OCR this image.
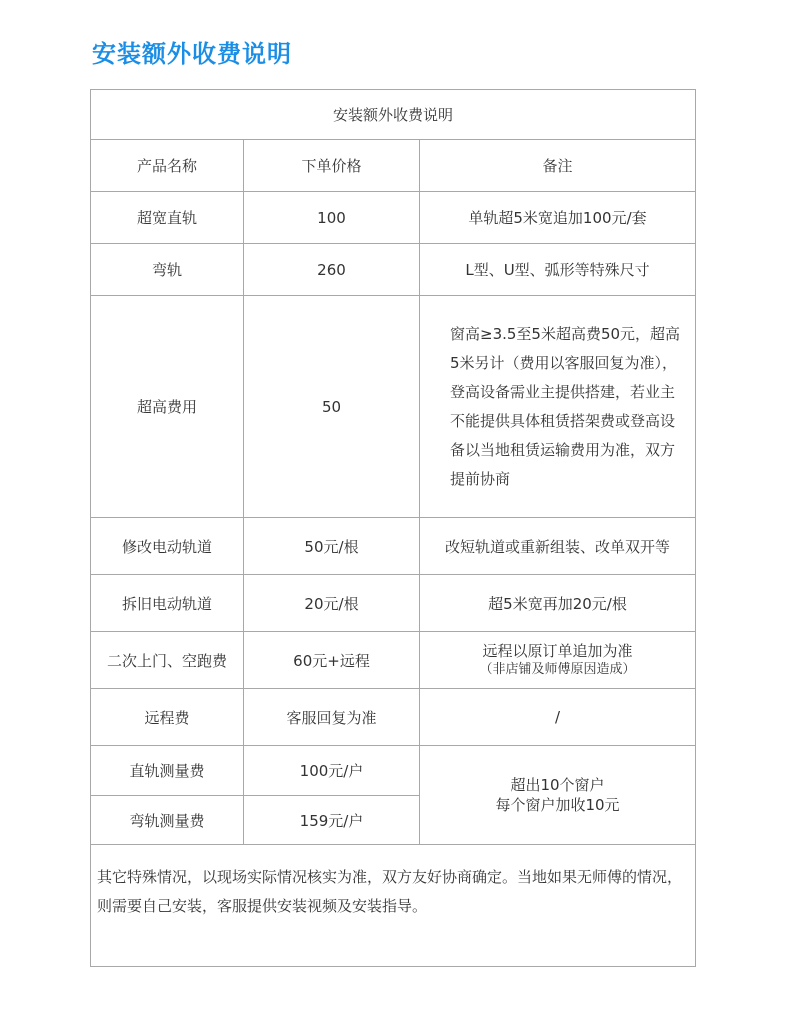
安装额外收费说明
安装额外收费说明		
产品名称	下单价格	备注
超宽直轨	100	单轨超5米宽追加100元/套
弯轨	260	L型、U型、弧形等特殊尺寸
超高费用	50	窗高≥3.5至5米超高费50元，超高5米另计（费用以客服回复为准），登高设备需业主提供搭建，若业主不能提供具体租赁搭架费或登高设备以当地租赁运输费用为准，双方提前协商
修改电动轨道	50元/根	改短轨道或重新组装、改单双开等
拆旧电动轨道	20元/根	超5米宽再加20元/根
二次上门、空跑费	60元+远程	远程以原订单追加为准
（非店铺及师傅原因造成）

远程费	客服回复为准	/
直轨测量费	100元/户	超出10个窗户
每个窗户加收10元

弯轨测量费	159元/户	
其它特殊情况，以现场实际情况核实为准，双方友好协商确定。当地如果无师傅的情况，则需要自己安装，客服提供安装视频及安装指导。		
